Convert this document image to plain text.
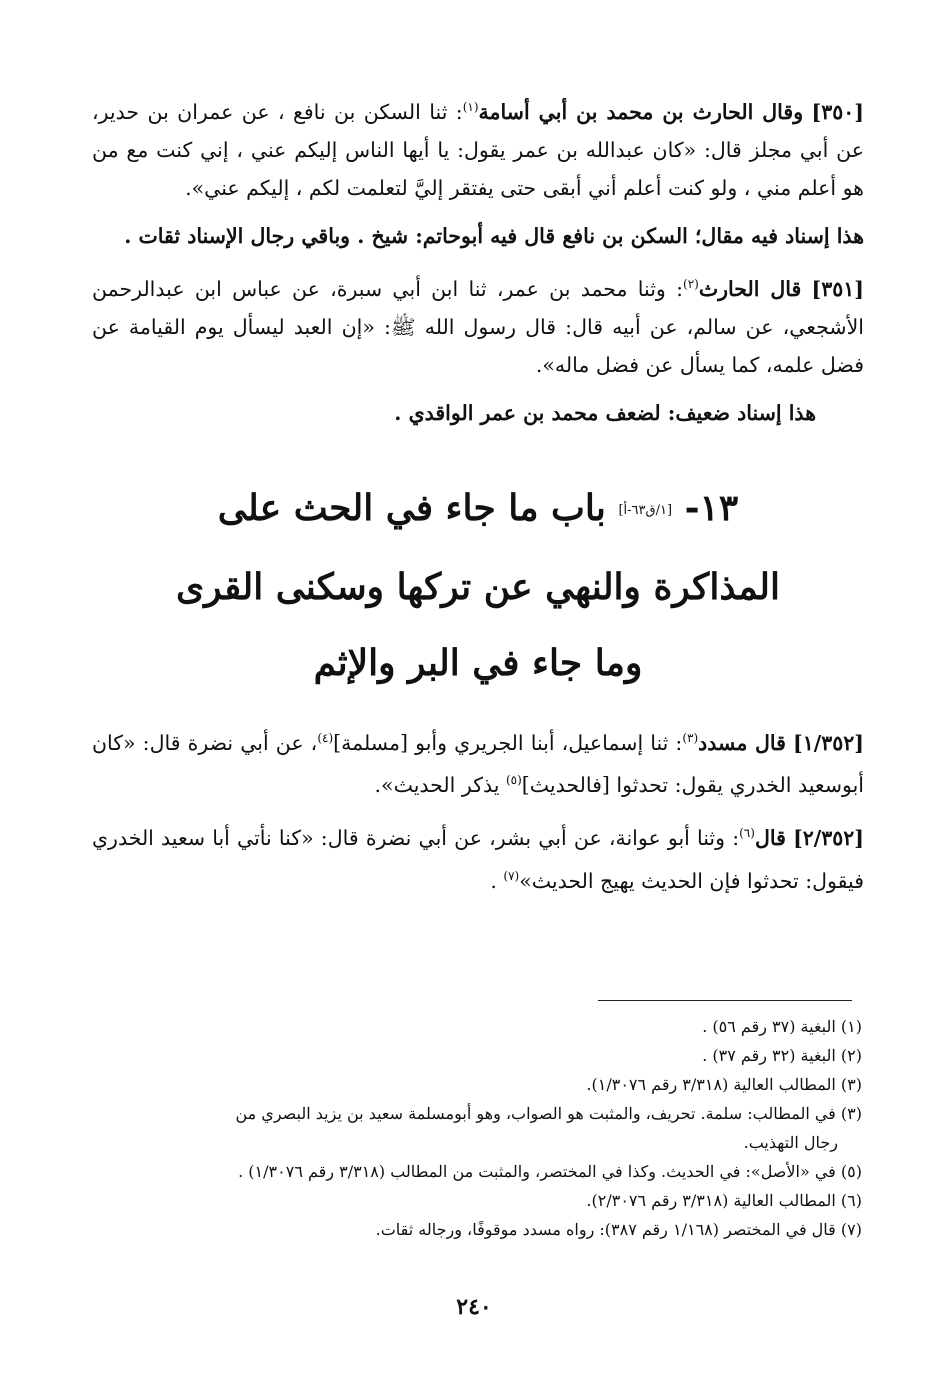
[٣٥٠] وقال الحارث بن محمد بن أبي أسامة$^{(١)}$: ثنا السكن بن نافع ، عن عمران بن حدير، عن أبي مجلز قال: «كان عبدالله بن عمر يقول: يا أيها الناس إليكم عني ، إني كنت مع من هو أعلم مني ، ولو كنت أعلم أني أبقى حتى يفتقر إليَّ لتعلمت لكم ، إليكم عني».

هذا إسناد فيه مقال؛ السكن بن نافع قال فيه أبوحاتم: شيخ . وباقي رجال الإسناد ثقات .

[٣٥١] قال الحارث$^{(٢)}$: وثنا محمد بن عمر، ثنا ابن أبي سبرة، عن عباس ابن عبدالرحمن الأشجعي، عن سالم، عن أبيه قال: قال رسول الله ﷺ: «إن العبد ليسأل يوم القيامة عن فضل علمه، كما يسأل عن فضل ماله».

هذا إسناد ضعيف: لضعف محمد بن عمر الواقدي .

١٣- [١/ق٦٣-أ] باب ما جاء في الحث على
المذاكرة والنهي عن تركها وسكنى القرى
وما جاء في البر والإثم

[١/٣٥٢] قال مسدد$^{(٣)}$: ثنا إسماعيل، أبنا الجريري وأبو [مسلمة]$^{(٤)}$، عن أبي نضرة قال: «كان أبوسعيد الخدري يقول: تحدثوا [فالحديث]$^{(٥)}$ يذكر الحديث».

[٢/٣٥٢] قال$^{(٦)}$: وثنا أبو عوانة، عن أبي بشر، عن أبي نضرة قال: «كنا نأتي أبا سعيد الخدري فيقول: تحدثوا فإن الحديث يهيج الحديث»$^{(٧)}$ .

(١) البغية (٣٧ رقم ٥٦) .

(٢) البغية (٣٢ رقم ٣٧) .

(٣) المطالب العالية (٣/٣١٨ رقم ١/٣٠٧٦).

(٣) في المطالب: سلمة. تحريف، والمثبت هو الصواب، وهو أبومسلمة سعيد بن يزيد البصري من

رجال التهذيب.

(٥) في «الأصل»: في الحديث. وكذا في المختصر، والمثبت من المطالب (٣/٣١٨ رقم ١/٣٠٧٦) .

(٦) المطالب العالية (٣/٣١٨ رقم ٢/٣٠٧٦).

(٧) قال في المختصر (١/١٦٨ رقم ٣٨٧): رواه مسدد موقوفًا، ورجاله ثقات.

٢٤٠
